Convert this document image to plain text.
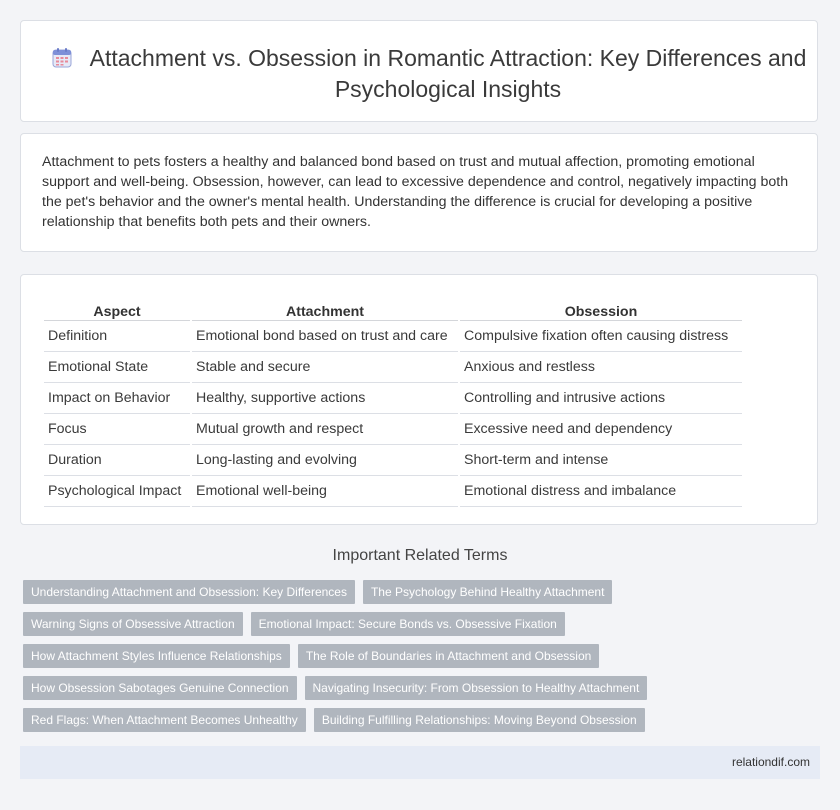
Attachment vs. Obsession in Romantic Attraction: Key Differences and Psychological Insights

Attachment to pets fosters a healthy and balanced bond based on trust and mutual affection, promoting emotional support and well-being. Obsession, however, can lead to excessive dependence and control, negatively impacting both the pet's behavior and the owner's mental health. Understanding the difference is crucial for developing a positive relationship that benefits both pets and their owners.

Aspect	Attachment	Obsession
Definition	Emotional bond based on trust and care	Compulsive fixation often causing distress
Emotional State	Stable and secure	Anxious and restless
Impact on Behavior	Healthy, supportive actions	Controlling and intrusive actions
Focus	Mutual growth and respect	Excessive need and dependency
Duration	Long-lasting and evolving	Short-term and intense
Psychological Impact	Emotional well-being	Emotional distress and imbalance
Important Related Terms
Understanding Attachment and Obsession: Key Differences The Psychology Behind Healthy Attachment
Warning Signs of Obsessive Attraction Emotional Impact: Secure Bonds vs. Obsessive Fixation
How Attachment Styles Influence Relationships The Role of Boundaries in Attachment and Obsession
How Obsession Sabotages Genuine Connection Navigating Insecurity: From Obsession to Healthy Attachment
Red Flags: When Attachment Becomes Unhealthy Building Fulfilling Relationships: Moving Beyond Obsession
relationdif.com
